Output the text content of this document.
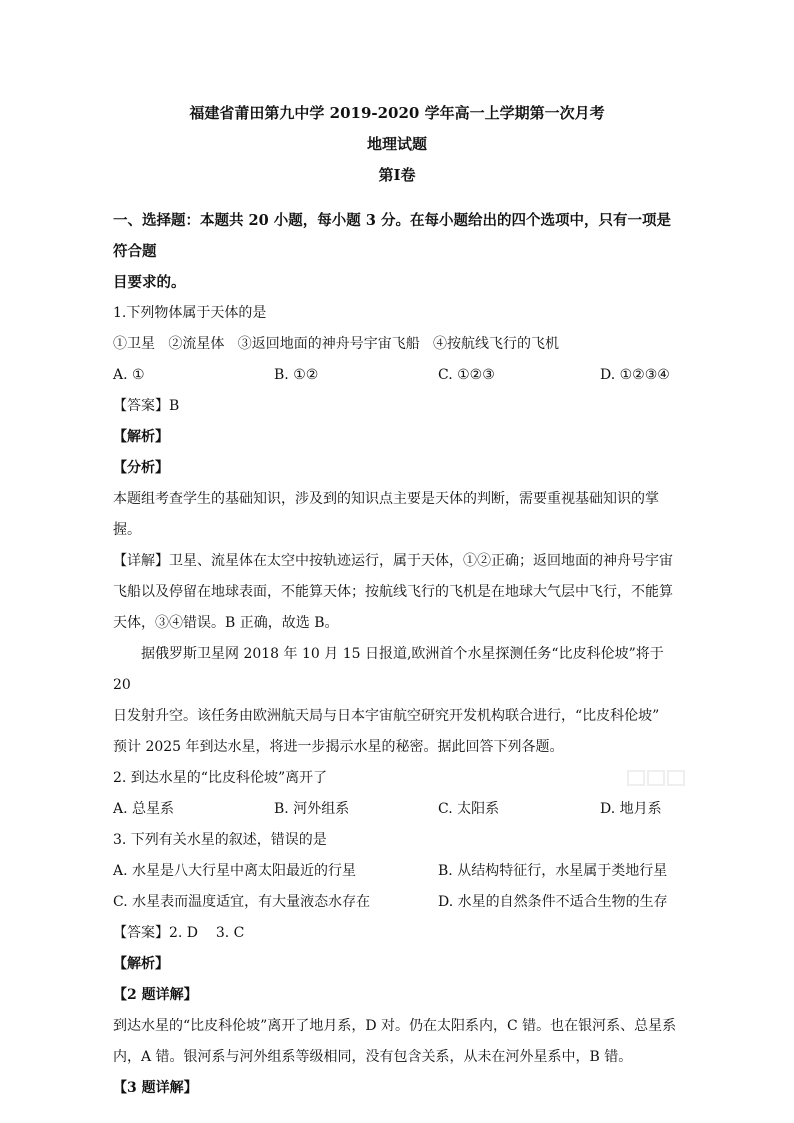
福建省莆田第九中学 2019-2020 学年高一上学期第一次月考
地理试题
第Ⅰ卷
一、选择题：本题共 20 小题，每小题 3 分。在每小题给出的四个选项中，只有一项是符合题
目要求的。
1.下列物体属于天体的是
①卫星   ②流星体   ③返回地面的神舟号宇宙飞船   ④按航线飞行的飞机
A. ①	B. ①②	C. ①②③	D. ①②③④
【答案】B
【解析】
【分析】
本题组考查学生的基础知识，涉及到的知识点主要是天体的判断，需要重视基础知识的掌握。
【详解】卫星、流星体在太空中按轨迹运行，属于天体，①②正确；返回地面的神舟号宇宙
飞船以及停留在地球表面，不能算天体；按航线飞行的飞机是在地球大气层中飞行，不能算
天体，③④错误。B 正确，故选 B。
据俄罗斯卫星网 2018 年 10 月 15 日报道,欧洲首个水星探测任务“比皮科伦坡”将于 20
日发射升空。该任务由欧洲航天局与日本宇宙航空研究开发机构联合进行，“比皮科伦坡”
预计 2025 年到达水星，将进一步揭示水星的秘密。据此回答下列各题。
2. 到达水星的“比皮科伦坡”离开了
A. 总星系	B. 河外组系	C. 太阳系	D. 地月系
3. 下列有关水星的叙述，错误的是
A. 水星是八大行星中离太阳最近的行星	B. 从结构特征行，水星属于类地行星
C. 水星表而温度适宜，有大量液态水存在	D. 水星的自然条件不适合生物的生存
【答案】2. D    3. C
【解析】
【2 题详解】
到达水星的“比皮科伦坡”离开了地月系，D 对。仍在太阳系内，C 错。也在银河系、总星系
内，A 错。银河系与河外组系等级相同，没有包含关系，从未在河外星系中，B 错。
【3 题详解】
